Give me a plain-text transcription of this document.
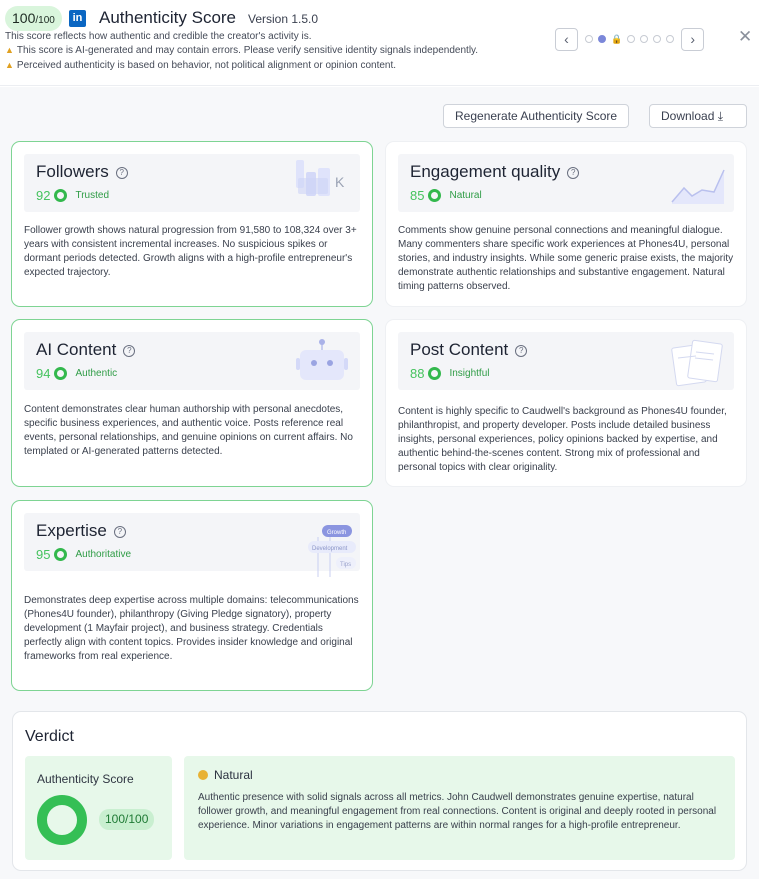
100/100	in Authenticity Score Version 1.5.0
This score reflects how authentic and credible the creator's activity is.
▲ This score is AI-generated and may contain errors. Please verify sensitive identity signals independently.
▲ Perceived authenticity is based on behavior, not political alignment or opinion content.
‹	🔒	›	✕
Regenerate Authenticity Score	Download ⤓
Followers ?
92	Trusted
K
Follower growth shows natural progression from 91,580 to 108,324 over 3+ years with consistent incremental increases. No suspicious spikes or dormant periods detected. Growth aligns with a high-profile entrepreneur's expected trajectory.
Engagement quality ?
85	Natural
Comments show genuine personal connections and meaningful dialogue. Many commenters share specific work experiences at Phones4U, personal stories, and industry insights. While some generic praise exists, the majority demonstrate authentic relationships and substantive engagement. Natural timing patterns observed.
AI Content ?
94	Authentic
Content demonstrates clear human authorship with personal anecdotes, specific business experiences, and authentic voice. Posts reference real events, personal relationships, and genuine opinions on current affairs. No templated or AI-generated patterns detected.
Post Content ?
88	Insightful
Content is highly specific to Caudwell's background as Phones4U founder, philanthropist, and property developer. Posts include detailed business insights, personal experiences, policy opinions backed by expertise, and authentic behind-the-scenes content. Strong mix of professional and personal topics with clear originality.
Expertise ?
95	Authoritative
Growth
Development
Tips
Demonstrates deep expertise across multiple domains: telecommunications (Phones4U founder), philanthropy (Giving Pledge signatory), property development (1 Mayfair project), and business strategy. Credentials perfectly align with content topics. Provides insider knowledge and original frameworks from real experience.
Verdict
Authenticity Score
100/100
Natural
Authentic presence with solid signals across all metrics. John Caudwell demonstrates genuine expertise, natural follower growth, and meaningful engagement from real connections. Content is original and deeply rooted in personal experience. Minor variations in engagement patterns are within normal ranges for a high-profile entrepreneur.
